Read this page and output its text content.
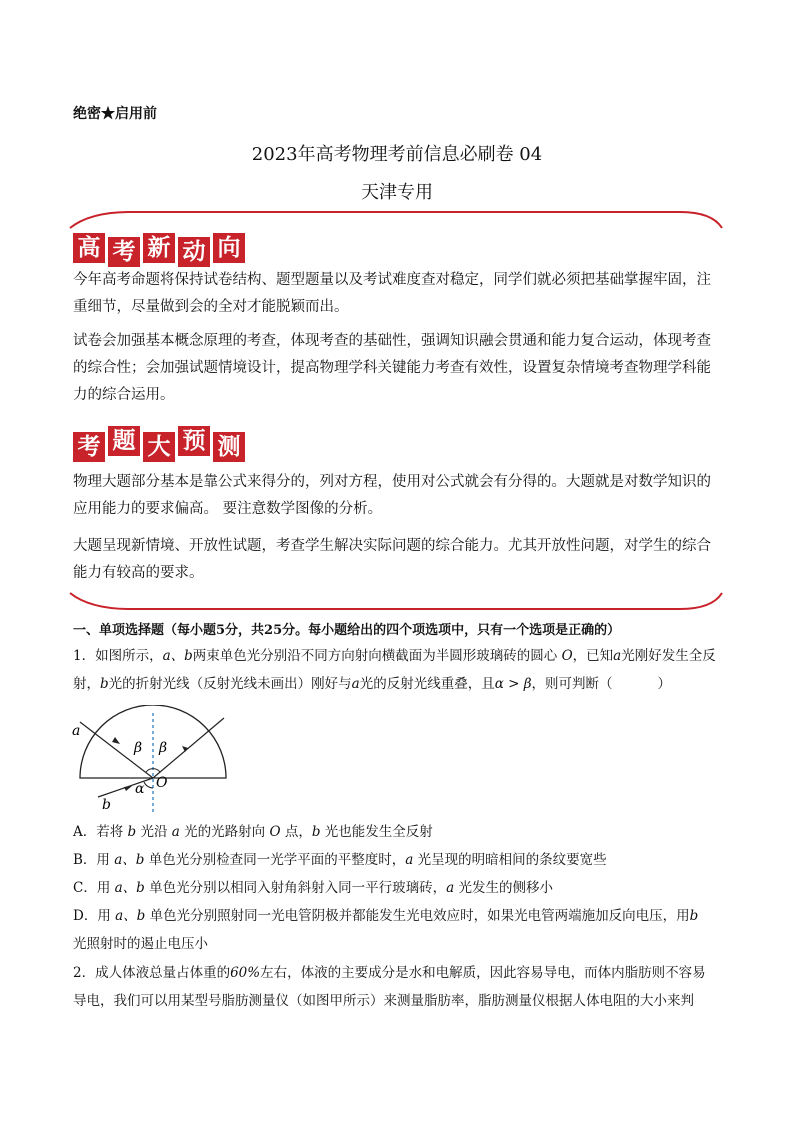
绝密★启用前
2023年高考物理考前信息必刷卷 04
天津专用
高 考 新 动 向
今年高考命题将保持试卷结构、题型题量以及考试难度查对稳定，同学们就必须把基础掌握牢固，注重细节，尽量做到会的全对才能脱颖而出。
试卷会加强基本概念原理的考查，体现考查的基础性，强调知识融会贯通和能力复合运动，体现考查的综合性；会加强试题情境设计，提高物理学科关键能力考查有效性，设置复杂情境考查物理学科能力的综合运用。
考 题 大 预 测
物理大题部分基本是靠公式来得分的，列对方程，使用对公式就会有分得的。大题就是对数学知识的应用能力的要求偏高。 要注意数学图像的分析。
大题呈现新情境、开放性试题，考查学生解决实际问题的综合能力。尤其开放性问题，对学生的综合能力有较高的要求。
一、单项选择题（每小题5分，共25分。每小题给出的四个项选项中，只有一个选项是正确的）
1．如图所示，a、b两束单色光分别沿不同方向射向横截面为半圆形玻璃砖的圆心 O，已知a光刚好发生全反射，b光的折射光线（反射光线未画出）刚好与a光的反射光线重叠，且α > β，则可判断（	）
a
b
β β
α O
A．若将 b 光沿 a 光的光路射向 O 点，b 光也能发生全反射
B．用 a、b 单色光分别检查同一光学平面的平整度时，a 光呈现的明暗相间的条纹要宽些
C．用 a、b 单色光分别以相同入射角斜射入同一平行玻璃砖，a 光发生的侧移小
D．用 a、b 单色光分别照射同一光电管阴极并都能发生光电效应时，如果光电管两端施加反向电压，用b
光照射时的遏止电压小
2．成人体液总量占体重的60%左右，体液的主要成分是水和电解质，因此容易导电，而体内脂肪则不容易
导电，我们可以用某型号脂肪测量仪（如图甲所示）来测量脂肪率，脂肪测量仪根据人体电阻的大小来判
